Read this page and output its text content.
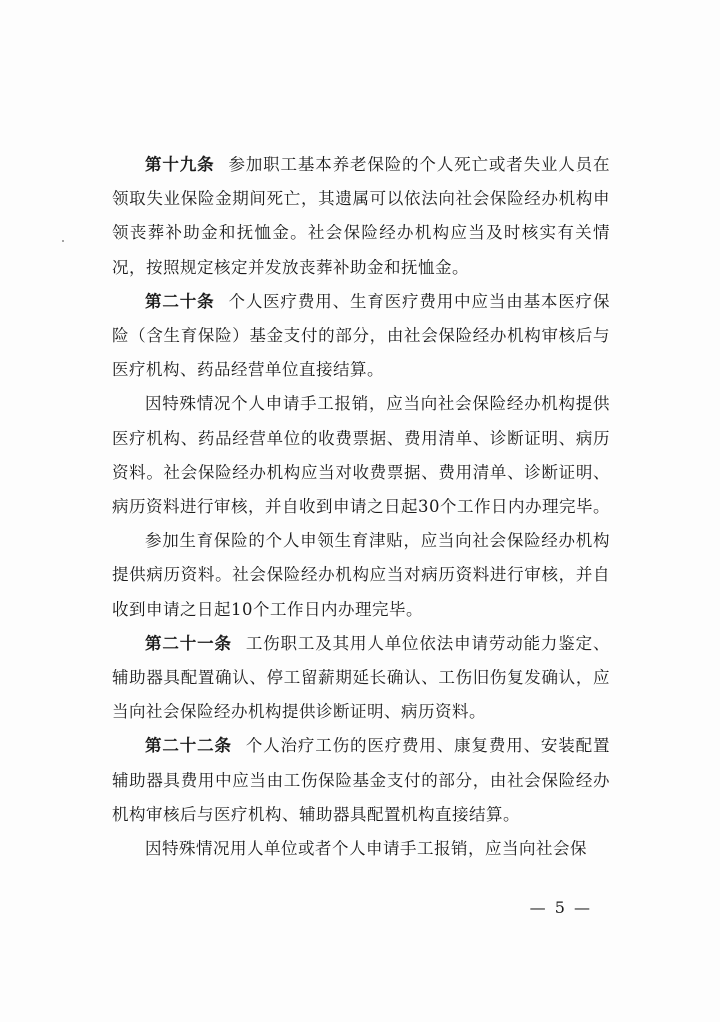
第十九条 参加职工基本养老保险的个人死亡或者失业人员在领取失业保险金期间死亡，其遗属可以依法向社会保险经办机构申领丧葬补助金和抚恤金。社会保险经办机构应当及时核实有关情况，按照规定核定并发放丧葬补助金和抚恤金。

第二十条 个人医疗费用、生育医疗费用中应当由基本医疗保险（含生育保险）基金支付的部分，由社会保险经办机构审核后与医疗机构、药品经营单位直接结算。

因特殊情况个人申请手工报销，应当向社会保险经办机构提供医疗机构、药品经营单位的收费票据、费用清单、诊断证明、病历资料。社会保险经办机构应当对收费票据、费用清单、诊断证明、病历资料进行审核，并自收到申请之日起30个工作日内办理完毕。

参加生育保险的个人申领生育津贴，应当向社会保险经办机构提供病历资料。社会保险经办机构应当对病历资料进行审核，并自收到申请之日起10个工作日内办理完毕。

第二十一条 工伤职工及其用人单位依法申请劳动能力鉴定、辅助器具配置确认、停工留薪期延长确认、工伤旧伤复发确认，应当向社会保险经办机构提供诊断证明、病历资料。

第二十二条 个人治疗工伤的医疗费用、康复费用、安装配置辅助器具费用中应当由工伤保险基金支付的部分，由社会保险经办机构审核后与医疗机构、辅助器具配置机构直接结算。

因特殊情况用人单位或者个人申请手工报销，应当向社会保

— 5 —
